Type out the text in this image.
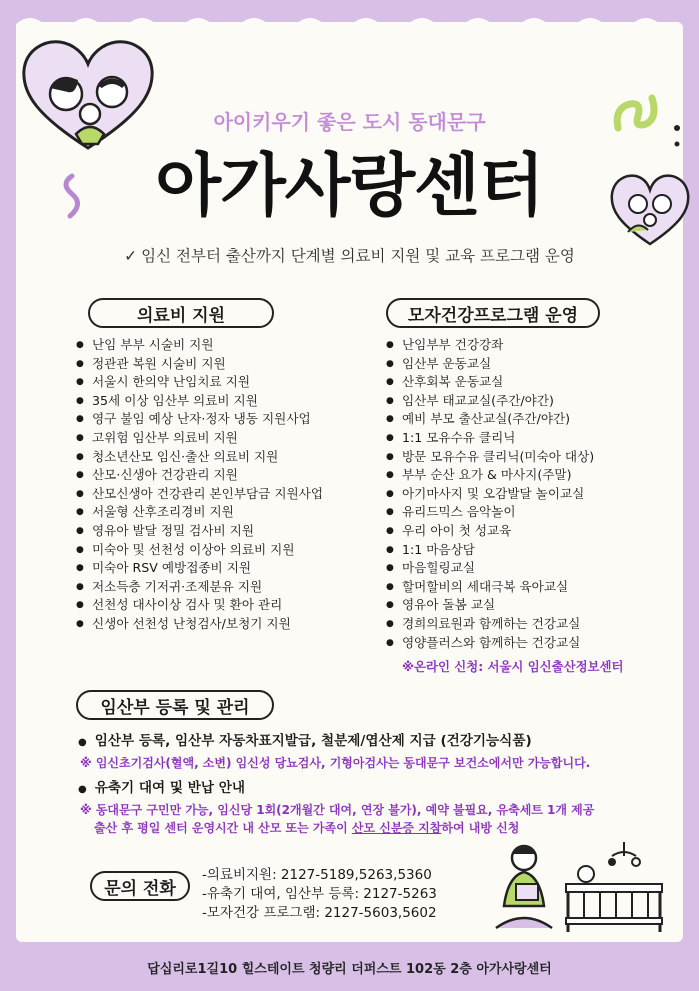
아이키우기 좋은 도시 동대문구
아가사랑센터
✓ 임신 전부터 출산까지 단계별 의료비 지원 및 교육 프로그램 운영
의료비 지원
● 난임 부부 시술비 지원
● 정관관 복원 시술비 지원
● 서울시 한의약 난임치료 지원
● 35세 이상 임산부 의료비 지원
● 영구 불임 예상 난자·정자 냉동 지원사업
● 고위험 임산부 의료비 지원
● 청소년산모 임신·출산 의료비 지원
● 산모·신생아 건강관리 지원
● 산모신생아 건강관리 본인부담금 지원사업
● 서울형 산후조리경비 지원
● 영유아 발달 정밀 검사비 지원
● 미숙아 및 선천성 이상아 의료비 지원
● 미숙아 RSV 예방접종비 지원
● 저소득층 기저귀·조제분유 지원
● 선천성 대사이상 검사 및 환아 관리
● 신생아 선천성 난청검사/보청기 지원
모자건강프로그램 운영
● 난임부부 건강강좌
● 임산부 운동교실
● 산후회복 운동교실
● 임산부 태교교실(주간/야간)
● 예비 부모 출산교실(주간/야간)
● 1:1 모유수유 클리닉
● 방문 모유수유 클리닉(미숙아 대상)
● 부부 순산 요가 & 마사지(주말)
● 아기마사지 및 오감발달 놀이교실
● 유리드믹스 음악놀이
● 우리 아이 첫 성교육
● 1:1 마음상담
● 마음힐링교실
● 할머할비의 세대극복 육아교실
● 영유아 돌봄 교실
● 경희의료원과 함께하는 건강교실
● 영양플러스와 함께하는 건강교실
※온라인 신청: 서울시 임신출산정보센터
임산부 등록 및 관리
● 임산부 등록, 임산부 자동차표지발급, 철분제/엽산제 지급 (건강기능식품)
※ 임신초기검사(혈액, 소변) 임신성 당뇨검사, 기형아검사는 동대문구 보건소에서만 가능합니다.
● 유축기 대여 및 반납 안내
※ 동대문구 구민만 가능, 임신당 1회(2개월간 대여, 연장 불가), 예약 불필요, 유축세트 1개 제공
출산 후 평일 센터 운영시간 내 산모 또는 가족이 산모 신분증 지참하여 내방 신청
문의 전화
-의료비지원: 2127-5189,5263,5360
-유축기 대여, 임산부 등록: 2127-5263
-모자건강 프로그램: 2127-5603,5602
답십리로1길10 힐스테이트 청량리 더퍼스트 102동 2층 아가사랑센터
